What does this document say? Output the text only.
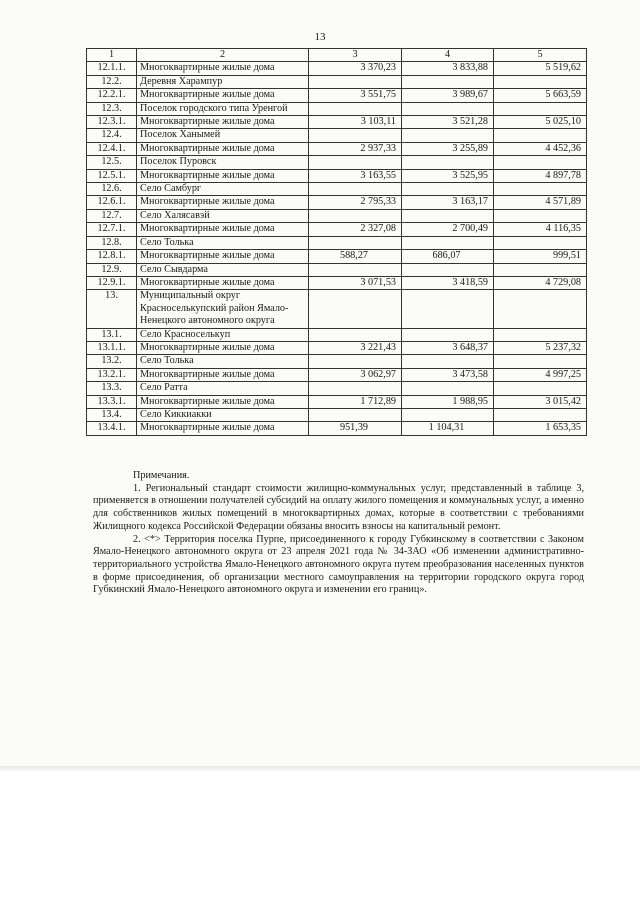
13
1	2	3	4	5
12.1.1.	Многоквартирные жилые дома	3 370,23	3 833,88	5 519,62
12.2.	Деревня Харампур			
12.2.1.	Многоквартирные жилые дома	3 551,75	3 989,67	5 663,59
12.3.	Поселок городского типа Уренгой			
12.3.1.	Многоквартирные жилые дома	3 103,11	3 521,28	5 025,10
12.4.	Поселок Ханымей			
12.4.1.	Многоквартирные жилые дома	2 937,33	3 255,89	4 452,36
12.5.	Поселок Пуровск			
12.5.1.	Многоквартирные жилые дома	3 163,55	3 525,95	4 897,78
12.6.	Село Самбург			
12.6.1.	Многоквартирные жилые дома	2 795,33	3 163,17	4 571,89
12.7.	Село Халясавэй			
12.7.1.	Многоквартирные жилые дома	2 327,08	2 700,49	4 116,35
12.8.	Село Толька			
12.8.1.	Многоквартирные жилые дома	588,27	686,07	999,51
12.9.	Село Сывдарма			
12.9.1.	Многоквартирные жилые дома	3 071,53	3 418,59	4 729,08
13.	Муниципальный округ Красноселькупский район Ямало-Ненецкого автономного округа			
13.1.	Село Красноселькуп			
13.1.1.	Многоквартирные жилые дома	3 221,43	3 648,37	5 237,32
13.2.	Село Толька			
13.2.1.	Многоквартирные жилые дома	3 062,97	3 473,58	4 997,25
13.3.	Село Ратта			
13.3.1.	Многоквартирные жилые дома	1 712,89	1 988,95	3 015,42
13.4.	Село Киккиакки			
13.4.1.	Многоквартирные жилые дома	951,39	1 104,31	1 653,35

Примечания.

1. Региональный стандарт стоимости жилищно-коммунальных услуг, представленный в таблице 3, применяется в отношении получателей субсидий на оплату жилого помещения и коммунальных услуг, а именно для собственников жилых помещений в многоквартирных домах, которые в соответствии с требованиями Жилищного кодекса Российской Федерации обязаны вносить взносы на капитальный ремонт.

2. <*> Территория поселка Пурпе, присоединенного к городу Губкинскому в соответствии с Законом Ямало-Ненецкого автономного округа от 23 апреля 2021 года № 34-ЗАО «Об изменении административно-территориального устройства Ямало-Ненецкого автономного округа путем преобразования населенных пунктов в форме присоединения, об организации местного самоуправления на территории городского округа город Губкинский Ямало-Ненецкого автономного округа и изменении его границ».
